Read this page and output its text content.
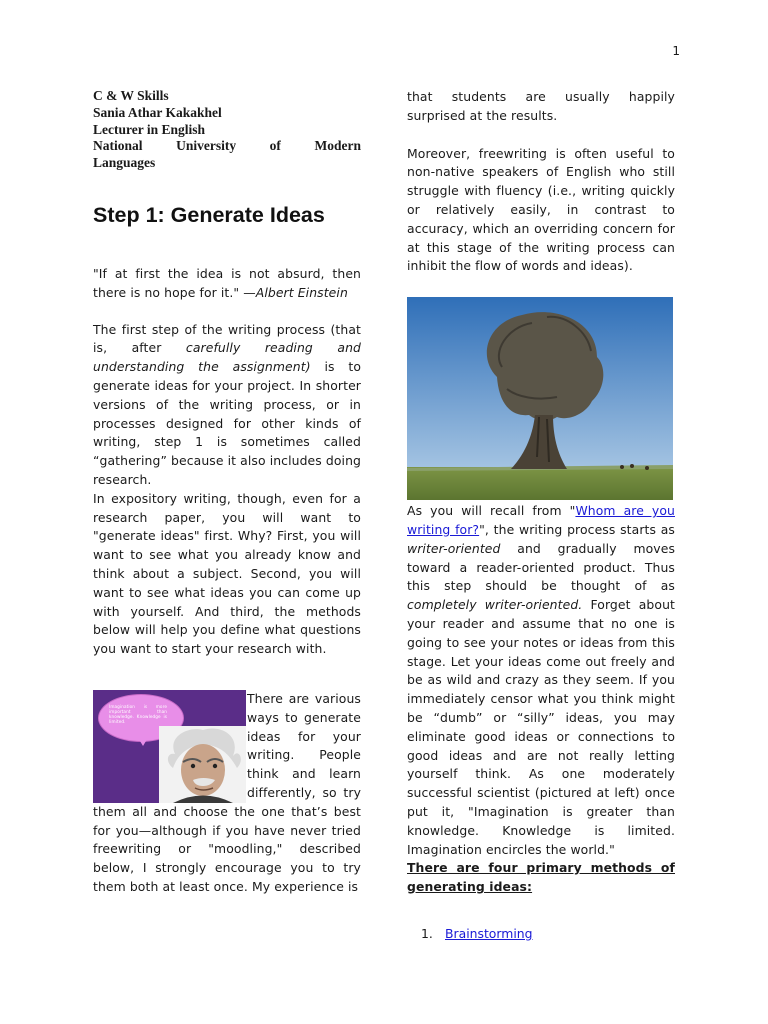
1
C & W Skills
Sania Athar Kakakhel
Lecturer in English
National University of Modern
Languages
Step 1: Generate Ideas

"If at first the idea is not absurd, then there is no hope for it." —Albert Einstein

The first step of the writing process (that is, after carefully reading and understanding the assignment) is to generate ideas for your project. In shorter versions of the writing process, or in processes designed for other kinds of writing, step 1 is sometimes called “gathering” because it also includes doing research.

In expository writing, though, even for a research paper, you will want to "generate ideas" first. Why? First, you will want to see what you already know and think about a subject. Second, you will want to see what ideas you can come up with yourself. And third, the methods below will help you define what questions you want to start your research with.

Imagination is more important than knowledge. Knowledge is limited.
There are various ways to generate ideas for your writing. People think and learn differently, so try them all and choose the one that’s best for you—although if you have never tried freewriting or "moodling," described below, I strongly encourage you to try them both at least once. My experience is

that students are usually happily surprised at the results.

Moreover, freewriting is often useful to non-native speakers of English who still struggle with fluency (i.e., writing quickly or relatively easily, in contrast to accuracy, which an overriding concern for at this stage of the writing process can inhibit the flow of words and ideas).

As you will recall from "Whom are you writing for?", the writing process starts as writer-oriented and gradually moves toward a reader-oriented product. Thus this step should be thought of as completely writer-oriented. Forget about your reader and assume that no one is going to see your notes or ideas from this stage. Let your ideas come out freely and be as wild and crazy as they seem. If you immediately censor what you think might be “dumb” or “silly” ideas, you may eliminate good ideas or connections to good ideas and are not really letting yourself think. As one moderately successful scientist (pictured at left) once put it, "Imagination is greater than knowledge. Knowledge is limited. Imagination encircles the world."

There are four primary methods of generating ideas:

1. Brainstorming
